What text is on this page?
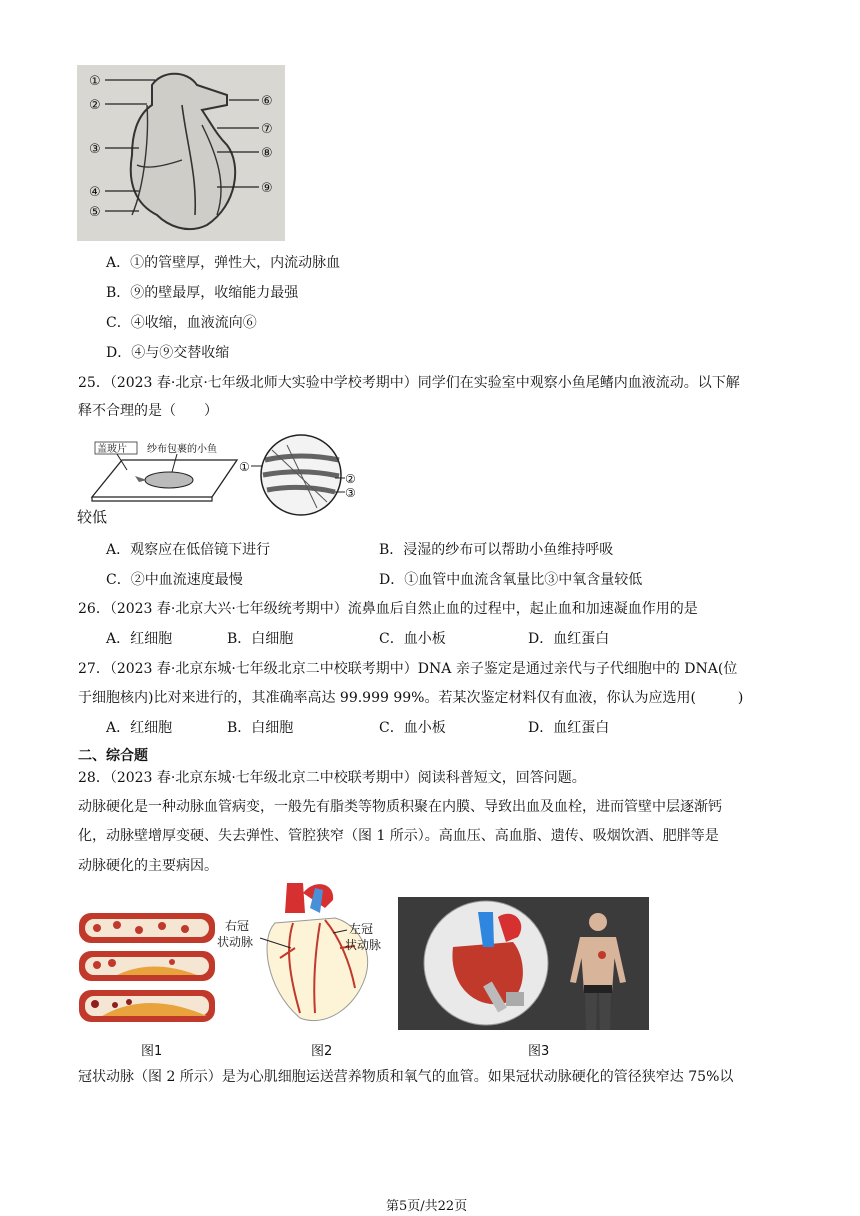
①
②
③
④
⑤
⑥
⑦
⑧
⑨
A．①的管壁厚，弹性大，内流动脉血
B．⑨的壁最厚，收缩能力最强
C．④收缩，血液流向⑥
D．④与⑨交替收缩
25．（2023 春·北京·七年级北师大实验中学校考期中）同学们在实验室中观察小鱼尾鳍内血液流动。以下解
释不合理的是（　　）
盖玻片 纱布包裹的小鱼
①
②
③
较低
A．观察应在低倍镜下进行	B．浸湿的纱布可以帮助小鱼维持呼吸
C．②中血流速度最慢	D．①血管中血流含氧量比③中氧含量较低
26．（2023 春·北京大兴·七年级统考期中）流鼻血后自然止血的过程中，起止血和加速凝血作用的是
A．红细胞	B．白细胞	C．血小板	D．血红蛋白
27．（2023 春·北京东城·七年级北京二中校联考期中）DNA 亲子鉴定是通过亲代与子代细胞中的 DNA(位
于细胞核内)比对来进行的，其准确率高达 99.999 99%。若某次鉴定材料仅有血液，你认为应选用(　　　)
A．红细胞	B．白细胞	C．血小板	D．血红蛋白
二、综合题
28．（2023 春·北京东城·七年级北京二中校联考期中）阅读科普短文，回答问题。
动脉硬化是一种动脉血管病变，一般先有脂类等物质积聚在内膜、导致出血及血栓，进而管壁中层逐渐钙
化，动脉壁增厚变硬、失去弹性、管腔狭窄（图 1 所示）。高血压、高血脂、遗传、吸烟饮酒、肥胖等是
动脉硬化的主要病因。
右冠
状动脉
左冠
状动脉
图1	图2	图3
冠状动脉（图 2 所示）是为心肌细胞运送营养物质和氧气的血管。如果冠状动脉硬化的管径狭窄达 75%以
第5页/共22页
